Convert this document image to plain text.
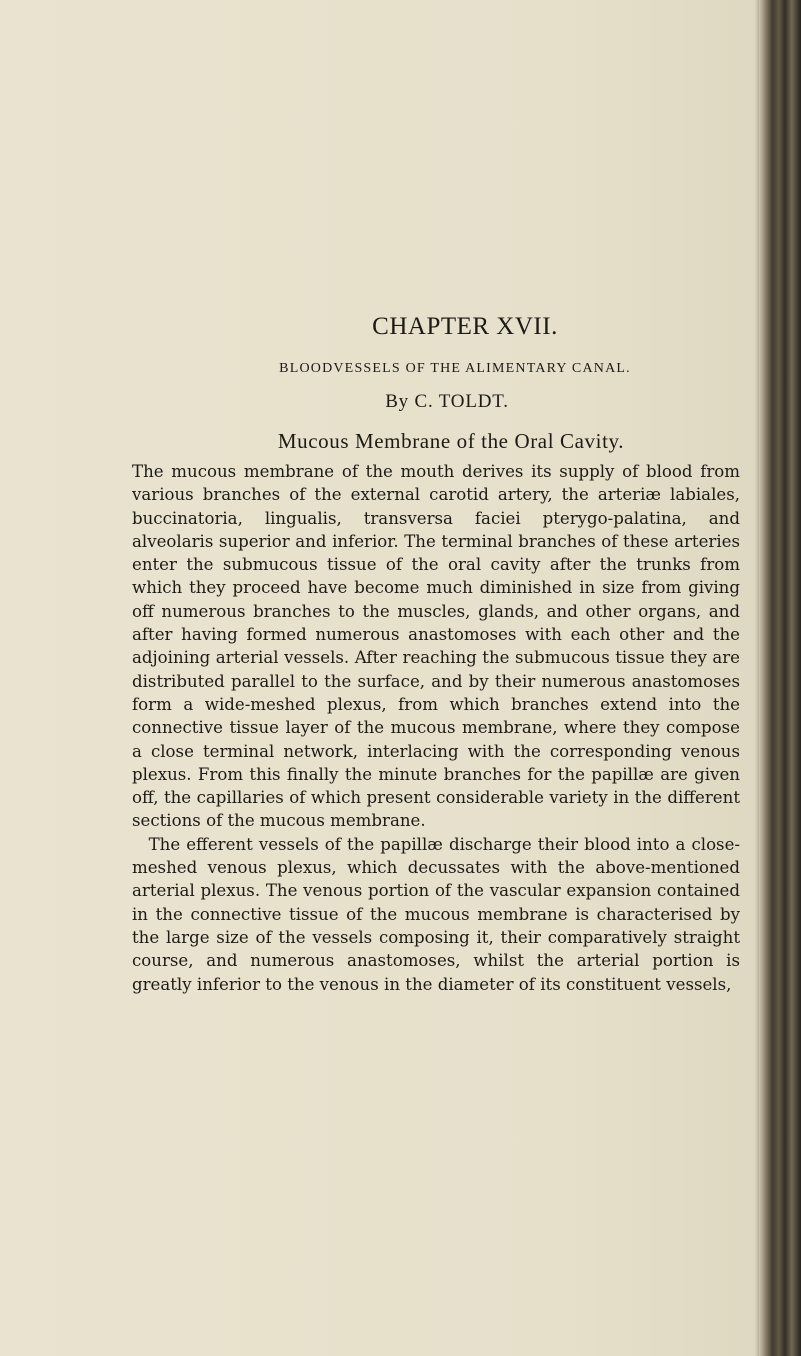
CHAPTER XVII.
BLOODVESSELS OF THE ALIMENTARY CANAL.
By C. TOLDT.
Mucous Membrane of the Oral Cavity.

The mucous membrane of the mouth derives its supply of blood from various branches of the external carotid artery, the arteriæ labiales, buccinatoria, lingualis, transversa faciei pterygo-palatina, and alveolaris superior and inferior. The terminal branches of these arteries enter the submucous tissue of the oral cavity after the trunks from which they proceed have become much diminished in size from giving off numerous branches to the muscles, glands, and other organs, and after having formed numerous anastomoses with each other and the adjoining arterial vessels. After reaching the submucous tissue they are distributed parallel to the surface, and by their numerous anastomoses form a wide-meshed plexus, from which branches extend into the connective tissue layer of the mucous membrane, where they compose a close terminal network, interlacing with the corresponding venous plexus. From this finally the minute branches for the papillæ are given off, the capillaries of which present considerable variety in the different sections of the mucous membrane.

The efferent vessels of the papillæ discharge their blood into a close-meshed venous plexus, which decussates with the above-mentioned arterial plexus. The venous portion of the vascular expansion contained in the connective tissue of the mucous membrane is characterised by the large size of the vessels composing it, their comparatively straight course, and numerous anastomoses, whilst the arterial portion is greatly inferior to the venous in the diameter of its constituent vessels,
